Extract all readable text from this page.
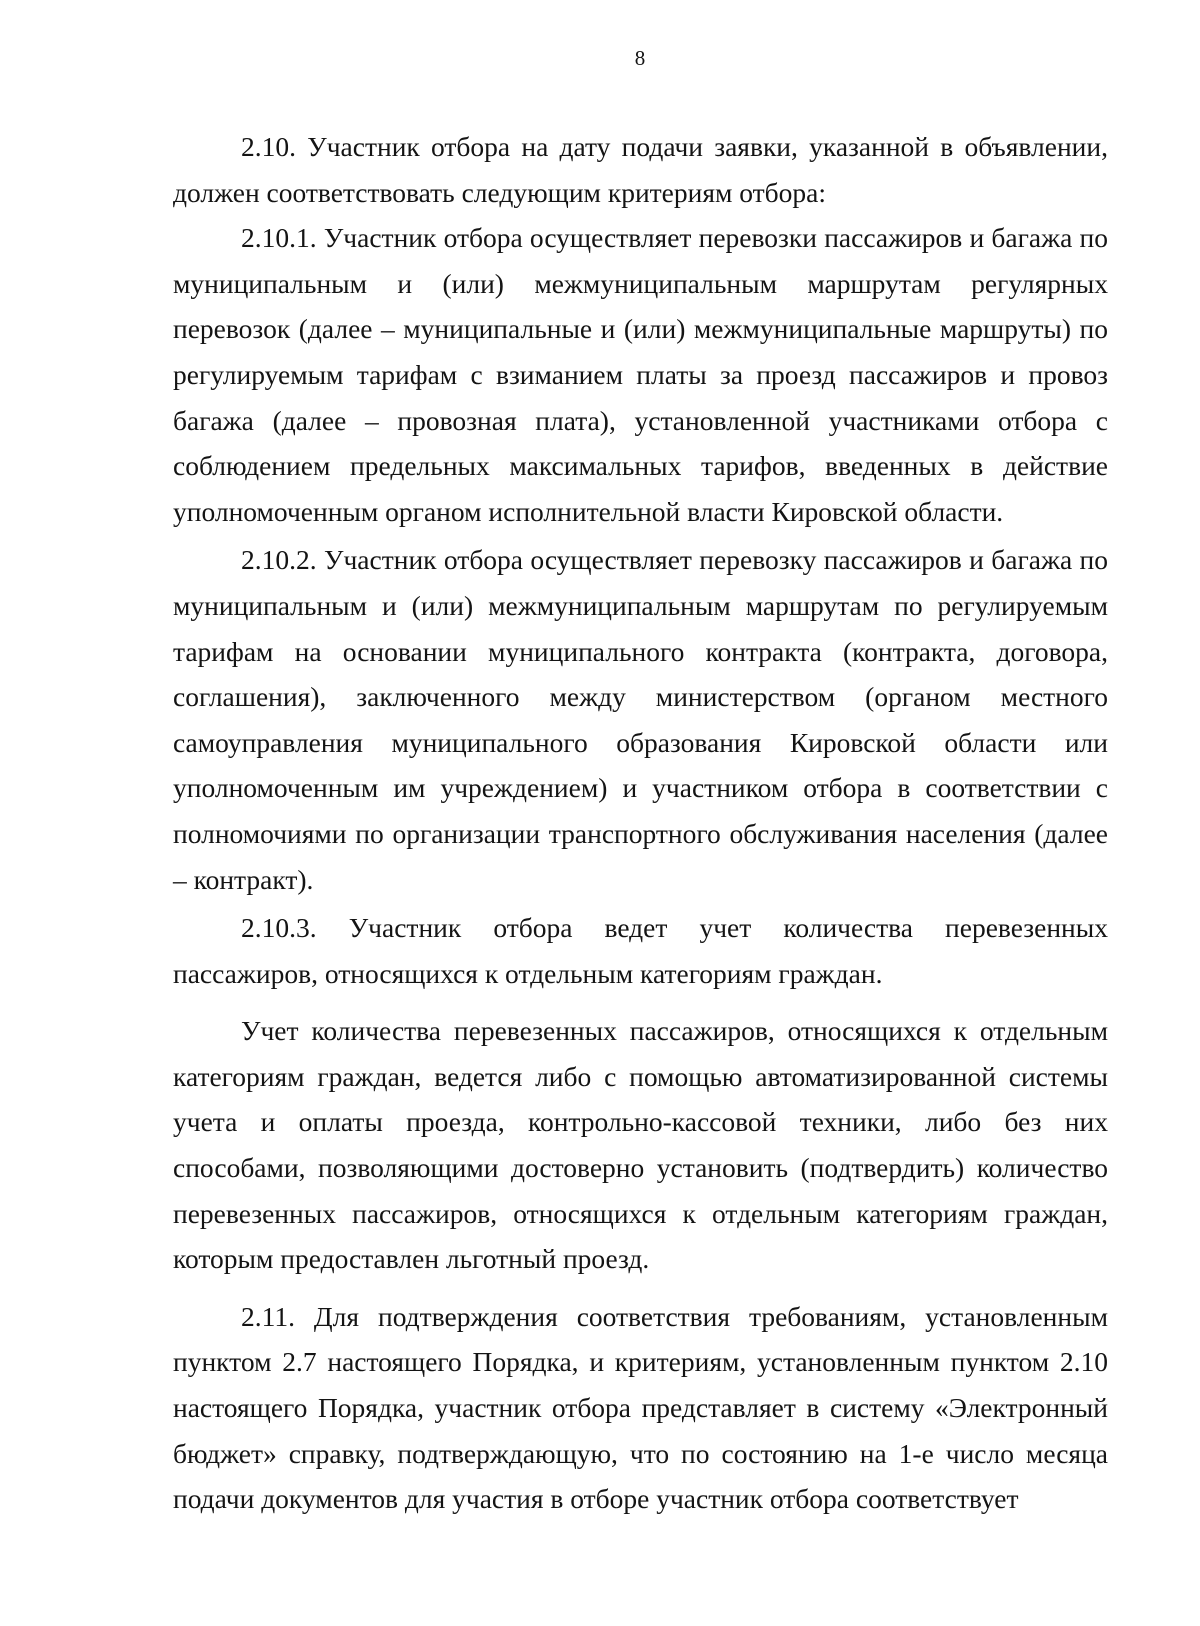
8

2.10. Участник отбора на дату подачи заявки, указанной в объявлении, должен соответствовать следующим критериям отбора:

2.10.1. Участник отбора осуществляет перевозки пассажиров и багажа по муниципальным и (или) межмуниципальным маршрутам регулярных перевозок (далее – муниципальные и (или) межмуниципальные маршруты) по регулируемым тарифам с взиманием платы за проезд пассажиров и провоз багажа (далее – провозная плата), установленной участниками отбора с соблюдением предельных максимальных тарифов, введенных в действие уполномоченным органом исполнительной власти Кировской области.

2.10.2. Участник отбора осуществляет перевозку пассажиров и багажа по муниципальным и (или) межмуниципальным маршрутам по регулируемым тарифам на основании муниципального контракта (контракта, договора, соглашения), заключенного между министерством (органом местного самоуправления муниципального образования Кировской области или уполномоченным им учреждением) и участником отбора в соответствии с полномочиями по организации транспортного обслуживания населения (далее – контракт).

2.10.3. Участник отбора ведет учет количества перевезенных пассажиров, относящихся к отдельным категориям граждан.

Учет количества перевезенных пассажиров, относящихся к отдельным категориям граждан, ведется либо с помощью автоматизированной системы учета и оплаты проезда, контрольно-кассовой техники, либо без них способами, позволяющими достоверно установить (подтвердить) количество перевезенных пассажиров, относящихся к отдельным категориям граждан, которым предоставлен льготный проезд.

2.11. Для подтверждения соответствия требованиям, установленным пунктом 2.7 настоящего Порядка, и критериям, установленным пунктом 2.10 настоящего Порядка, участник отбора представляет в систему «Электронный бюджет» справку, подтверждающую, что по состоянию на 1-е число месяца подачи документов для участия в отборе участник отбора соответствует
